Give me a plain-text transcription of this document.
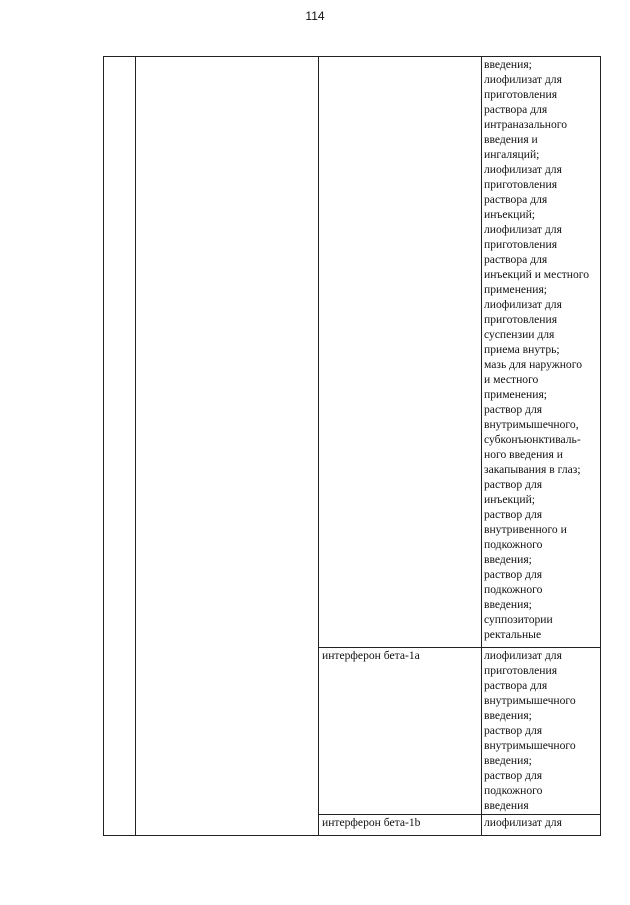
114
введения;
лиофилизат для
приготовления
раствора для
интраназального
введения и
ингаляций;
лиофилизат для
приготовления
раствора для
инъекций;
лиофилизат для
приготовления
раствора для
инъекций и местного
применения;
лиофилизат для
приготовления
суспензии для
приема внутрь;
мазь для наружного
и местного
применения;
раствор для
внутримышечного,
субконъюнктиваль-
ного введения и
закапывания в глаз;
раствор для
инъекций;
раствор для
внутривенного и
подкожного
введения;
раствор для
подкожного
введения;
суппозитории
ректальные
интерферон бета-1a	лиофилизат для
приготовления
раствора для
внутримышечного
введения;
раствор для
внутримышечного
введения;
раствор для
подкожного
введения
интерферон бета-1b	лиофилизат для
